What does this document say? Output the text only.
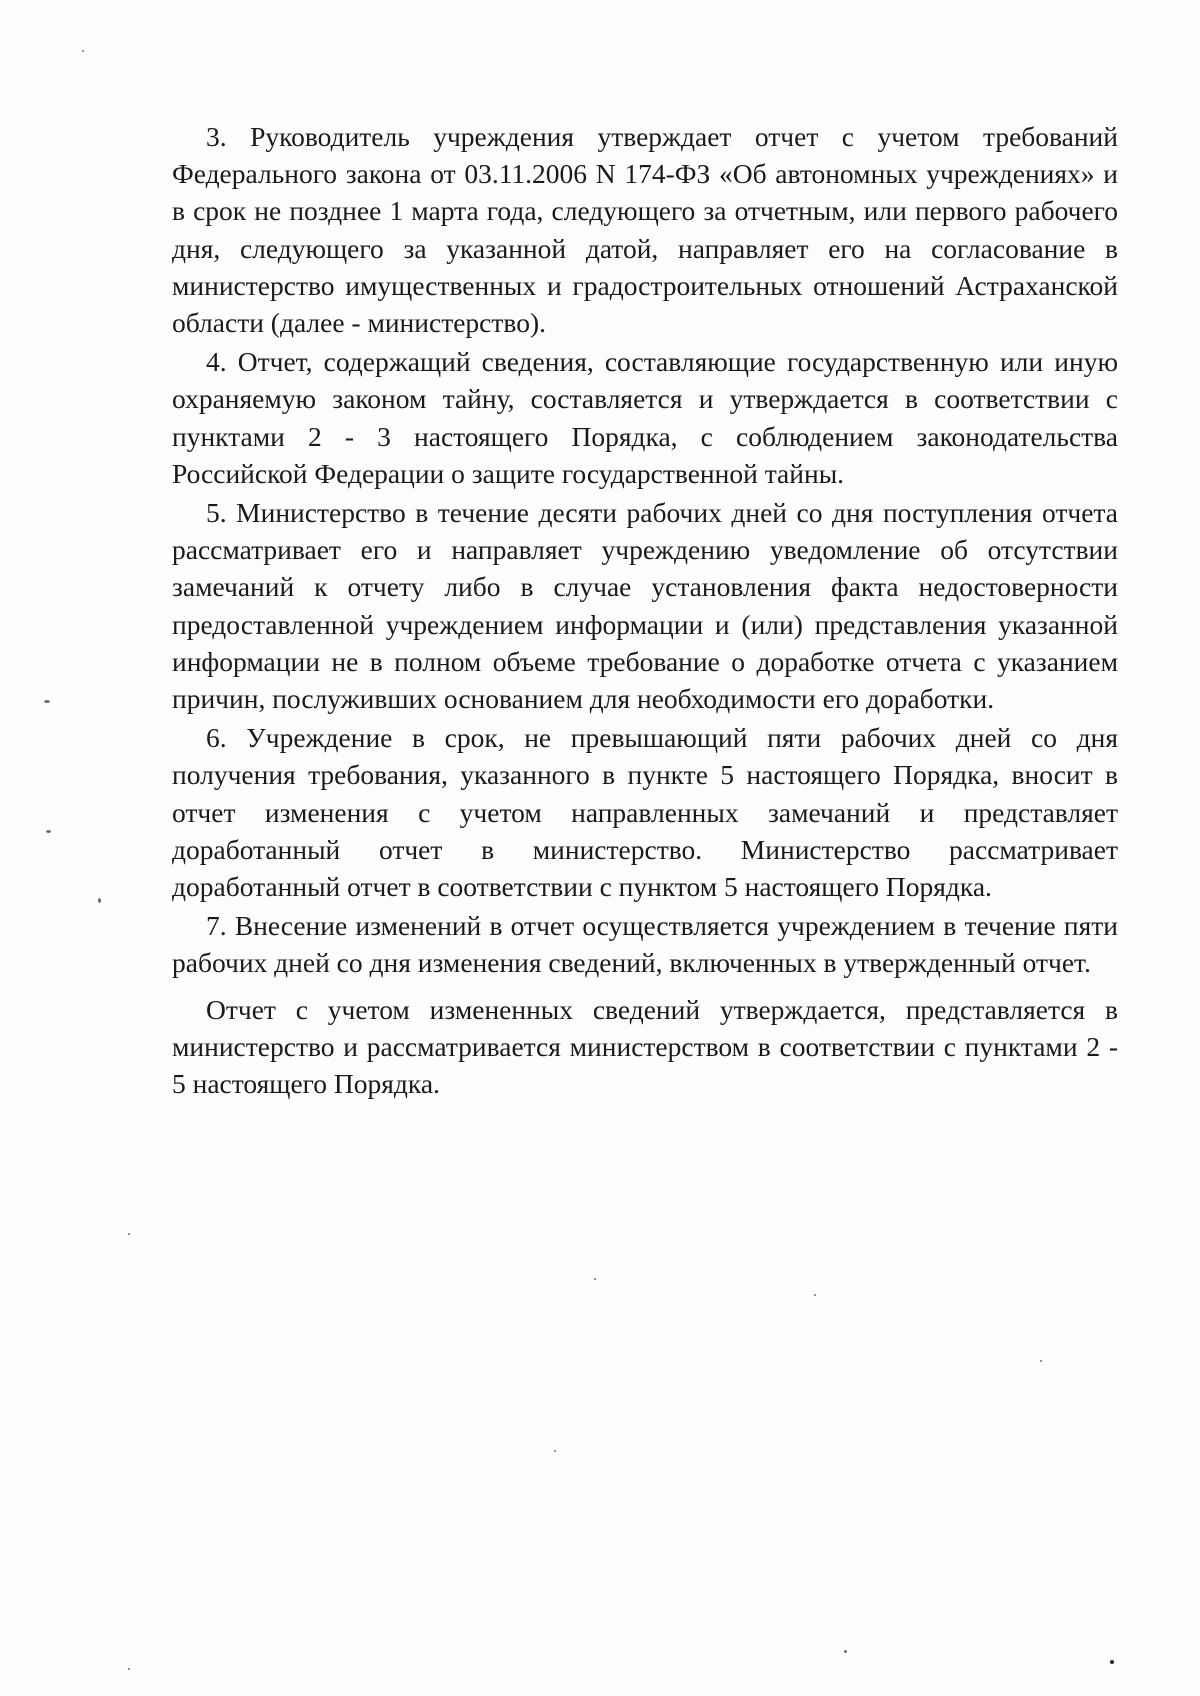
3. Руководитель учреждения утверждает отчет с учетом требований Федерального закона от 03.11.2006 N 174-ФЗ «Об автономных учреждениях» и в срок не позднее 1 марта года, следующего за отчетным, или первого рабочего дня, следующего за указанной датой, направляет его на согласование в министерство имущественных и градостроительных отношений Астраханской области (далее - министерство).

4. Отчет, содержащий сведения, составляющие государственную или иную охраняемую законом тайну, составляется и утверждается в соответствии с пунктами 2 - 3 настоящего Порядка, с соблюдением законодательства Российской Федерации о защите государственной тайны.

5. Министерство в течение десяти рабочих дней со дня поступления отчета рассматривает его и направляет учреждению уведомление об отсутствии замечаний к отчету либо в случае установления факта недостоверности предоставленной учреждением информации и (или) представления указанной информации не в полном объеме требование о доработке отчета с указанием причин, послуживших основанием для необходимости его доработки.

6. Учреждение в срок, не превышающий пяти рабочих дней со дня получения требования, указанного в пункте 5 настоящего Порядка, вносит в отчет изменения с учетом направленных замечаний и представляет доработанный отчет в министерство. Министерство рассматривает доработанный отчет в соответствии с пунктом 5 настоящего Порядка.

7. Внесение изменений в отчет осуществляется учреждением в течение пяти рабочих дней со дня изменения сведений, включенных в утвержденный отчет.

Отчет с учетом измененных сведений утверждается, представляется в министерство и рассматривается министерством в соответствии с пунктами 2 - 5 настоящего Порядка.
